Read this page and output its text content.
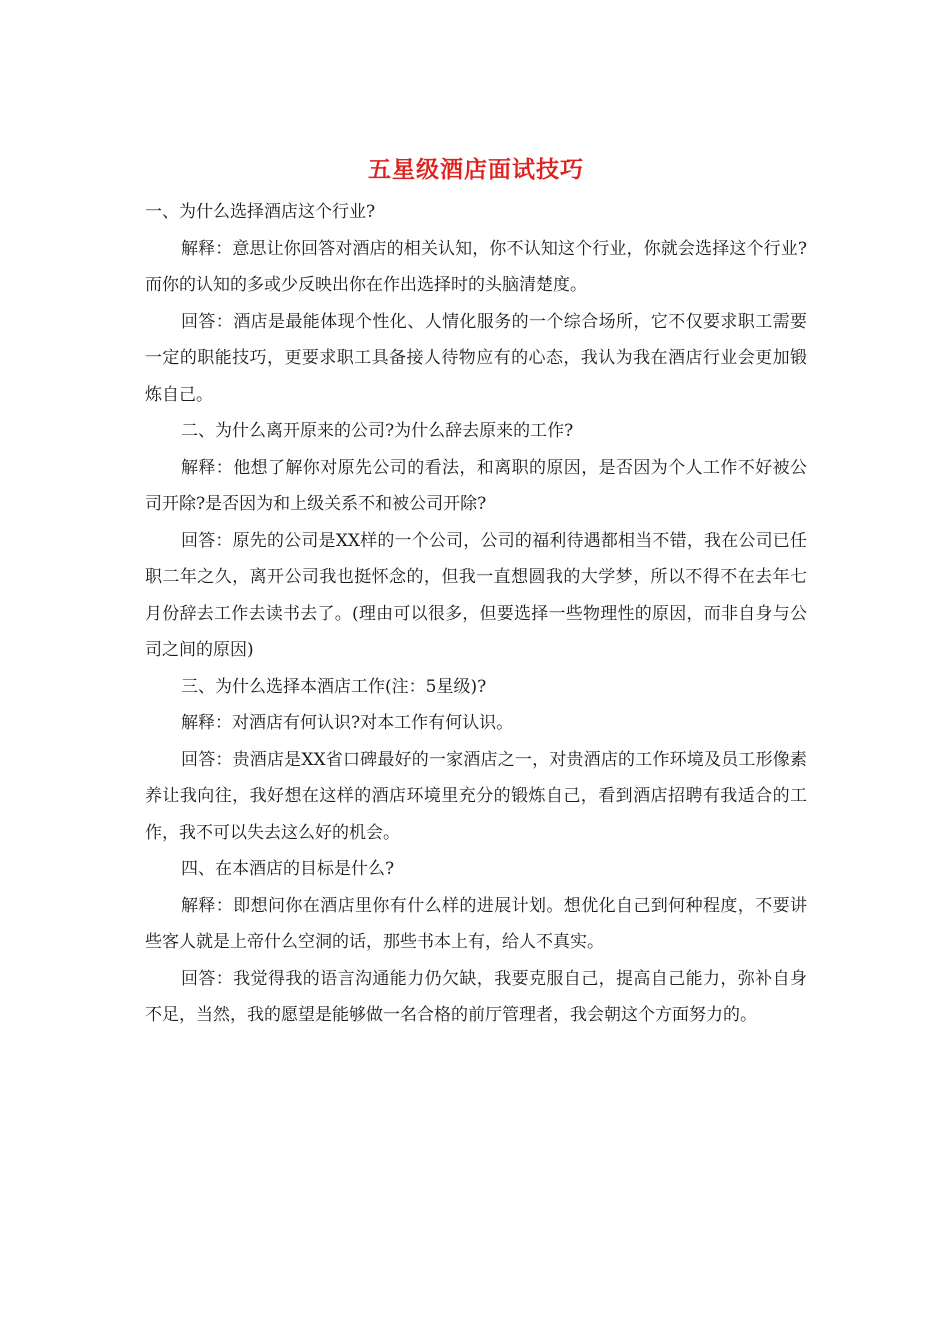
五星级酒店面试技巧

一、为什么选择酒店这个行业?

解释：意思让你回答对酒店的相关认知，你不认知这个行业，你就会选择这个行业?而你的认知的多或少反映出你在作出选择时的头脑清楚度。

回答：酒店是最能体现个性化、人情化服务的一个综合场所，它不仅要求职工需要一定的职能技巧，更要求职工具备接人待物应有的心态，我认为我在酒店行业会更加锻炼自己。

二、为什么离开原来的公司?为什么辞去原来的工作?

解释：他想了解你对原先公司的看法，和离职的原因，是否因为个人工作不好被公司开除?是否因为和上级关系不和被公司开除?

回答：原先的公司是XX样的一个公司，公司的福利待遇都相当不错，我在公司已任职二年之久，离开公司我也挺怀念的，但我一直想圆我的大学梦，所以不得不在去年七月份辞去工作去读书去了。(理由可以很多，但要选择一些物理性的原因，而非自身与公司之间的原因)

三、为什么选择本酒店工作(注：5星级)?

解释：对酒店有何认识?对本工作有何认识。

回答：贵酒店是XX省口碑最好的一家酒店之一，对贵酒店的工作环境及员工形像素养让我向往，我好想在这样的酒店环境里充分的锻炼自己，看到酒店招聘有我适合的工作，我不可以失去这么好的机会。

四、在本酒店的目标是什么?

解释：即想问你在酒店里你有什么样的进展计划。想优化自己到何种程度，不要讲些客人就是上帝什么空洞的话，那些书本上有，给人不真实。

回答：我觉得我的语言沟通能力仍欠缺，我要克服自己，提高自己能力，弥补自身不足，当然，我的愿望是能够做一名合格的前厅管理者，我会朝这个方面努力的。
